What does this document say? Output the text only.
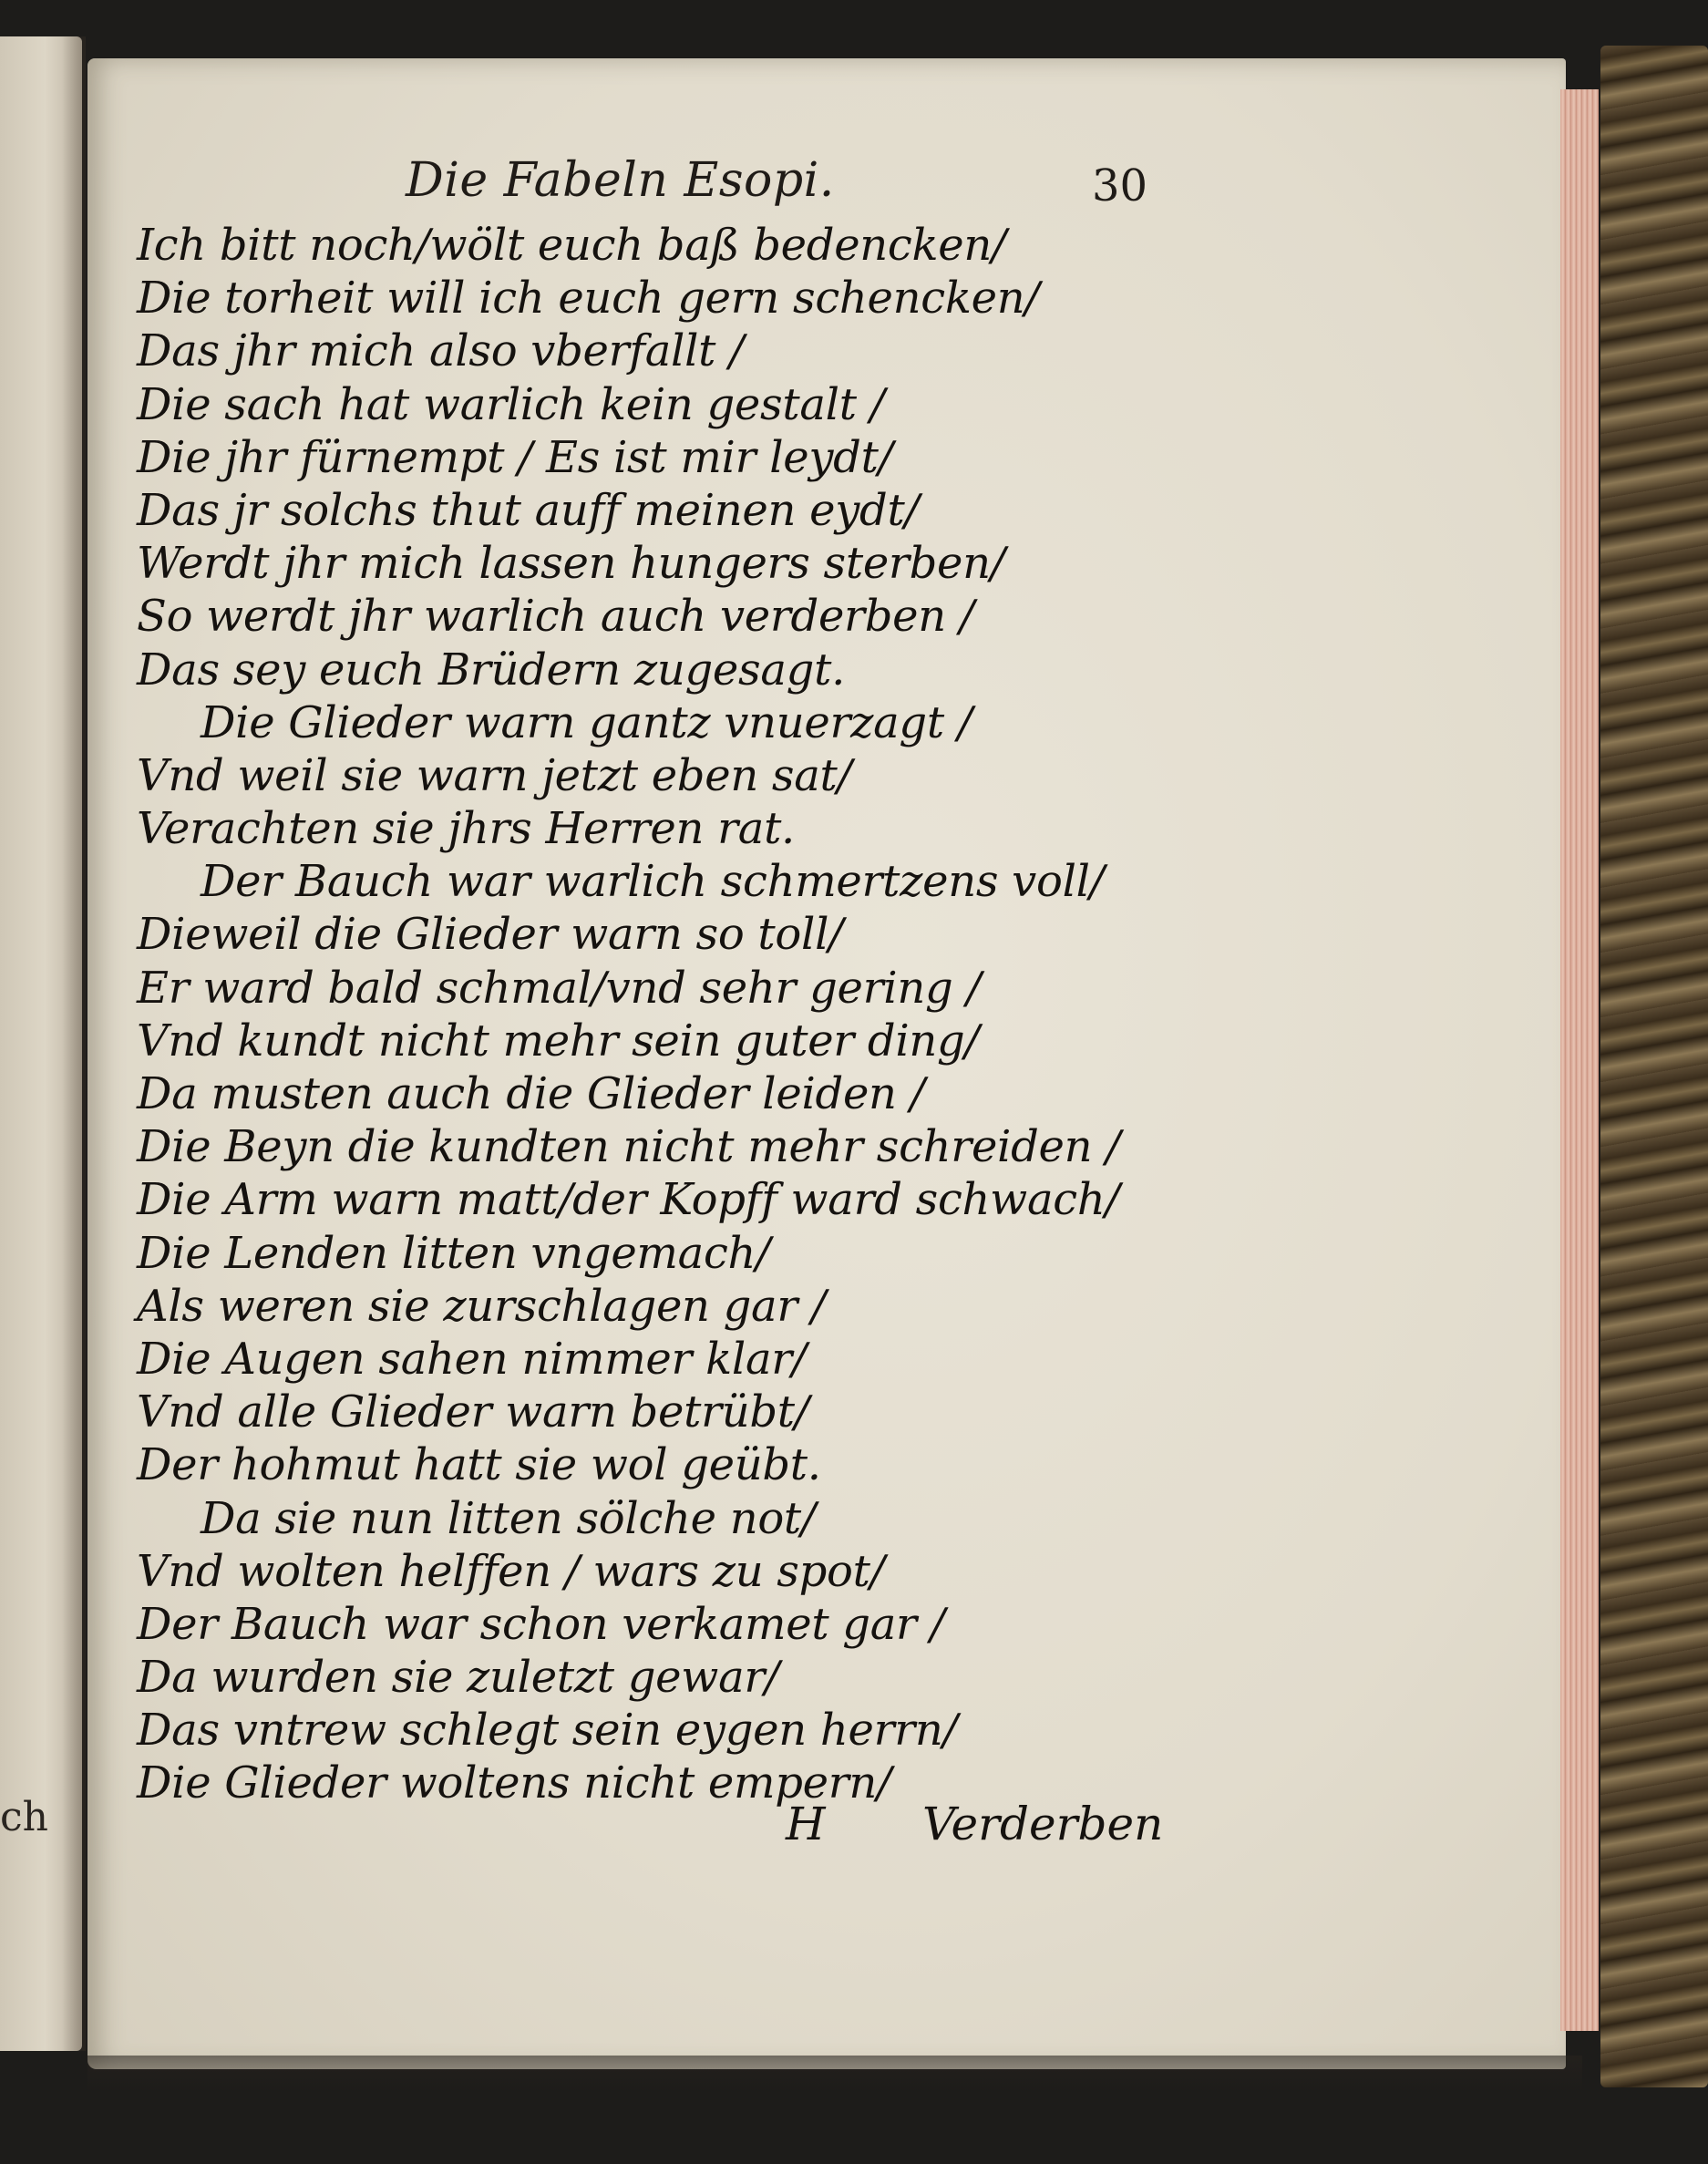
ch
Die Fabeln Esopi.	30
Ich bitt noch/wölt euch baß bedencken/
Die torheit will ich euch gern schencken/
Das jhr mich also vberfallt /
Die sach hat warlich kein gestalt /
Die jhr fürnempt / Es ist mir leydt/
Das jr solchs thut auff meinen eydt/
Werdt jhr mich lassen hungers sterben/
So werdt jhr warlich auch verderben /
Das sey euch Brüdern zugesagt.
Die Glieder warn gantz vnuerzagt /
Vnd weil sie warn jetzt eben sat/
Verachten sie jhrs Herren rat.
Der Bauch war warlich schmertzens voll/
Dieweil die Glieder warn so toll/
Er ward bald schmal/vnd sehr gering /
Vnd kundt nicht mehr sein guter ding/
Da musten auch die Glieder leiden /
Die Beyn die kundten nicht mehr schreiden /
Die Arm warn matt/der Kopff ward schwach/
Die Lenden litten vngemach/
Als weren sie zurschlagen gar /
Die Augen sahen nimmer klar/
Vnd alle Glieder warn betrübt/
Der hohmut hatt sie wol geübt.
Da sie nun litten sölche not/
Vnd wolten helffen / wars zu spot/
Der Bauch war schon verkamet gar /
Da wurden sie zuletzt gewar/
Das vntrew schlegt sein eygen herrn/
Die Glieder woltens nicht empern/
H Verderben
